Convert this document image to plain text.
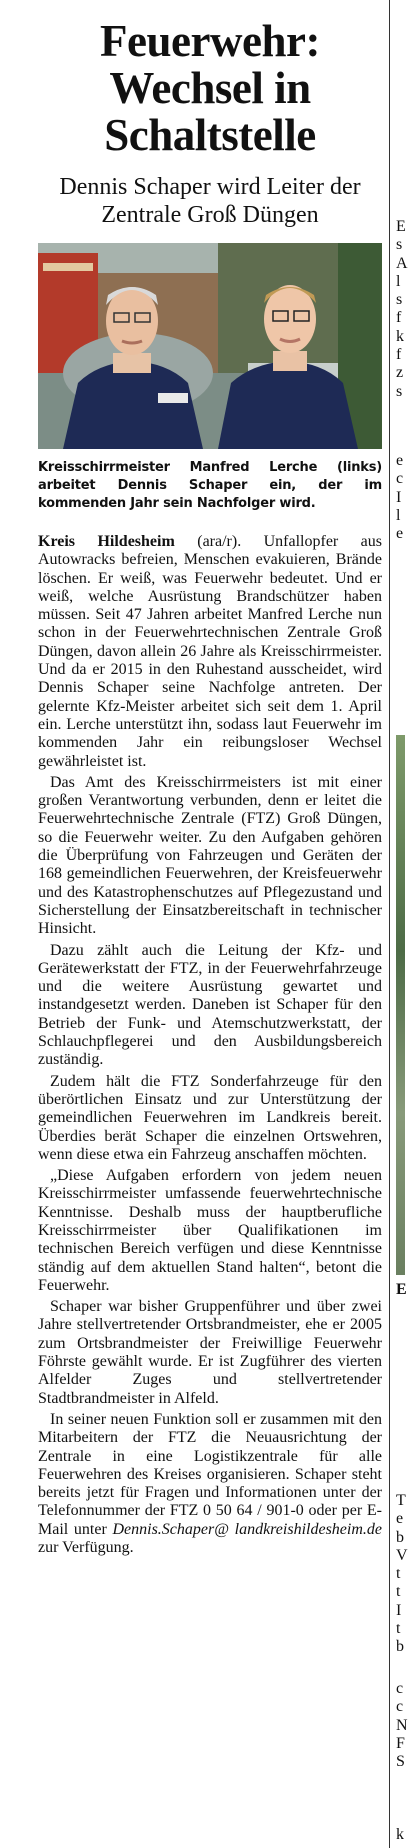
Feuerwehr: Wechsel in Schaltstelle
Dennis Schaper wird Leiter der Zentrale Groß Düngen

Kreisschirrmeister Manfred Lerche (links) arbeitet Dennis Schaper ein, der im kommenden Jahr sein Nachfolger wird.

Kreis Hildesheim (ara/r). Unfallopfer aus Autowracks befreien, Menschen evakuieren, Brände löschen. Er weiß, was Feuerwehr bedeutet. Und er weiß, welche Ausrüstung Brandschützer haben müssen. Seit 47 Jahren arbeitet Manfred Lerche nun schon in der Feuerwehrtechnischen Zentrale Groß Düngen, davon allein 26 Jahre als Kreisschirrmeister. Und da er 2015 in den Ruhestand ausscheidet, wird Dennis Schaper seine Nachfolge antreten. Der gelernte Kfz-Meister arbeitet sich seit dem 1. April ein. Lerche unterstützt ihn, sodass laut Feuerwehr im kommenden Jahr ein reibungsloser Wechsel gewährleistet ist.

Das Amt des Kreisschirrmeisters ist mit einer großen Verantwortung verbunden, denn er leitet die Feuerwehrtechnische Zentrale (FTZ) Groß Düngen, so die Feuerwehr weiter. Zu den Aufgaben gehören die Überprüfung von Fahrzeugen und Geräten der 168 gemeindlichen Feuerwehren, der Kreisfeuerwehr und des Katastrophenschutzes auf Pflegezustand und Sicherstellung der Einsatzbereitschaft in technischer Hinsicht.

Dazu zählt auch die Leitung der Kfz- und Gerätewerkstatt der FTZ, in der Feuerwehrfahrzeuge und die weitere Ausrüstung gewartet und instandgesetzt werden. Daneben ist Schaper für den Betrieb der Funk- und Atemschutzwerkstatt, der Schlauchpflegerei und den Ausbildungsbereich zuständig.

Zudem hält die FTZ Sonderfahrzeuge für den überörtlichen Einsatz und zur Unterstützung der gemeindlichen Feuerwehren im Landkreis bereit. Überdies berät Schaper die einzelnen Ortswehren, wenn diese etwa ein Fahrzeug anschaffen möchten.

„Diese Aufgaben erfordern von jedem neuen Kreisschirrmeister umfassende feuerwehrtechnische Kenntnisse. Deshalb muss der hauptberufliche Kreisschirrmeister über Qualifikationen im technischen Bereich verfügen und diese Kenntnisse ständig auf dem aktuellen Stand halten“, betont die Feuerwehr.

Schaper war bisher Gruppenführer und über zwei Jahre stellvertretender Ortsbrandmeister, ehe er 2005 zum Ortsbrandmeister der Freiwillige Feuerwehr Föhrste gewählt wurde. Er ist Zugführer des vierten Alfelder Zuges und stellvertretender Stadtbrandmeister in Alfeld.

In seiner neuen Funktion soll er zusammen mit den Mitarbeitern der FTZ die Neuausrichtung der Zentrale in eine Logistikzentrale für alle Feuerwehren des Kreises organisieren. Schaper steht bereits jetzt für Fragen und Informationen unter der Telefonnummer der FTZ 0 50 64 / 901-0 oder per E-Mail unter Dennis.Schaper@ landkreishildesheim.de zur Verfügung.

E
s
A
l
s
f
k
f
z
s
e
c
I
l
e
E
T
e
b
V
t
t
I
t
b
c
c
N
F
S
k
